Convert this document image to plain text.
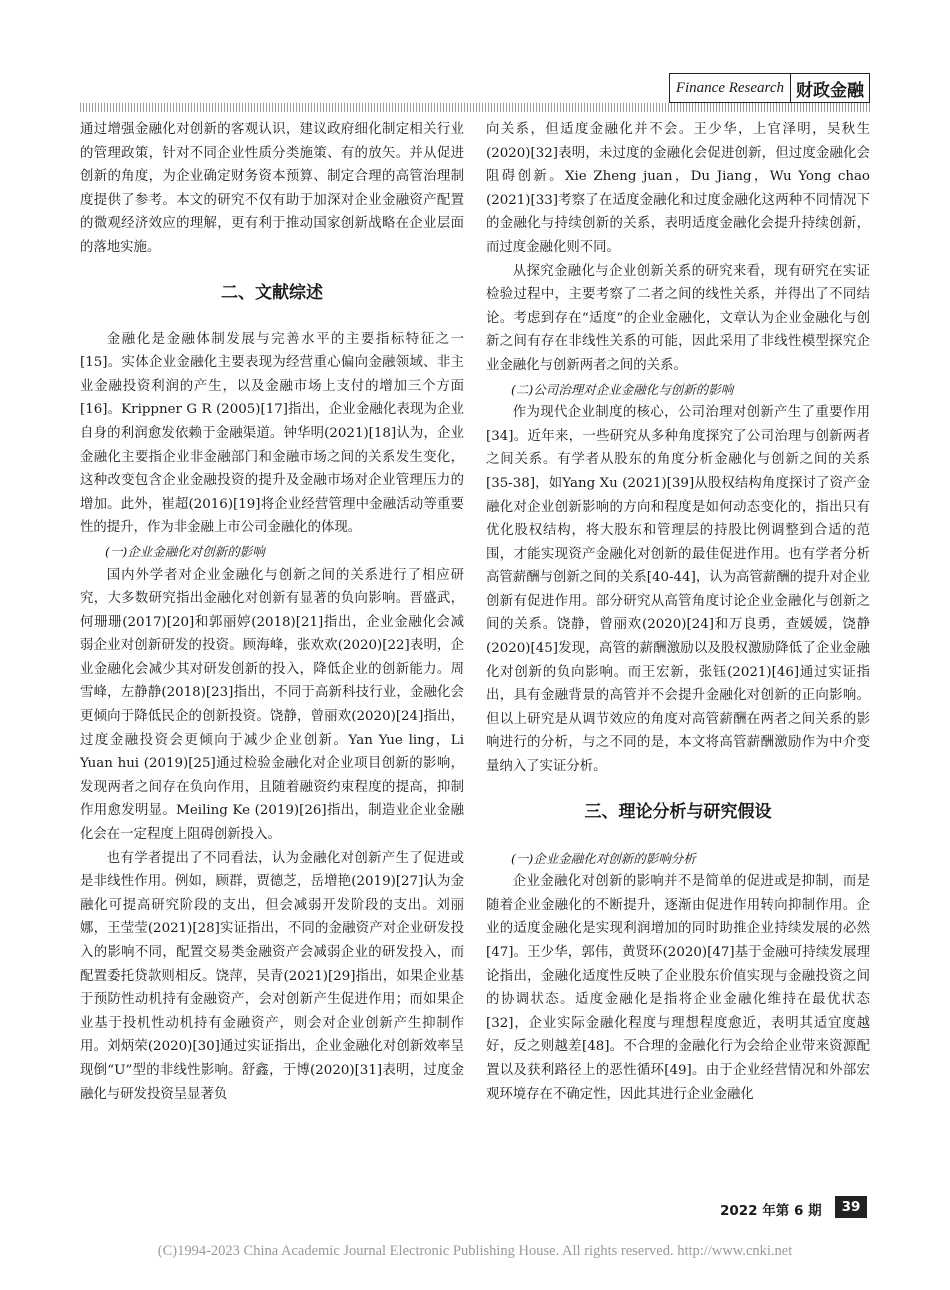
Finance Research 财政金融

通过增强金融化对创新的客观认识，建议政府细化制定相关行业的管理政策，针对不同企业性质分类施策、有的放矢。并从促进创新的角度，为企业确定财务资本预算、制定合理的高管治理制度提供了参考。本文的研究不仅有助于加深对企业金融资产配置的微观经济效应的理解，更有利于推动国家创新战略在企业层面的落地实施。

二、文献综述

金融化是金融体制发展与完善水平的主要指标特征之一[15]。实体企业金融化主要表现为经营重心偏向金融领域、非主业金融投资利润的产生，以及金融市场上支付的增加三个方面[16]。Krippner G R (2005)[17]指出，企业金融化表现为企业自身的利润愈发依赖于金融渠道。钟华明(2021)[18]认为，企业金融化主要指企业非金融部门和金融市场之间的关系发生变化，这种改变包含企业金融投资的提升及金融市场对企业管理压力的增加。此外，崔超(2016)[19]将企业经营管理中金融活动等重要性的提升，作为非金融上市公司金融化的体现。

(一)企业金融化对创新的影响

国内外学者对企业金融化与创新之间的关系进行了相应研究，大多数研究指出金融化对创新有显著的负向影响。晋盛武，何珊珊(2017)[20]和郭丽婷(2018)[21]指出，企业金融化会减弱企业对创新研发的投资。顾海峰，张欢欢(2020)[22]表明，企业金融化会减少其对研发创新的投入，降低企业的创新能力。周雪峰，左静静(2018)[23]指出，不同于高新科技行业，金融化会更倾向于降低民企的创新投资。饶静，曾丽欢(2020)[24]指出，过度金融投资会更倾向于减少企业创新。Yan Yue ling，Li Yuan hui (2019)[25]通过检验金融化对企业项目创新的影响，发现两者之间存在负向作用，且随着融资约束程度的提高，抑制作用愈发明显。Meiling Ke (2019)[26]指出，制造业企业金融化会在一定程度上阻碍创新投入。

也有学者提出了不同看法，认为金融化对创新产生了促进或是非线性作用。例如，顾群，贾德芝，岳增艳(2019)[27]认为金融化可提高研究阶段的支出，但会减弱开发阶段的支出。刘丽娜，王莹莹(2021)[28]实证指出，不同的金融资产对企业研发投入的影响不同，配置交易类金融资产会减弱企业的研发投入，而配置委托贷款则相反。饶萍，吴青(2021)[29]指出，如果企业基于预防性动机持有金融资产，会对创新产生促进作用；而如果企业基于投机性动机持有金融资产，则会对企业创新产生抑制作用。刘炳荣(2020)[30]通过实证指出，企业金融化对创新效率呈现倒“U”型的非线性影响。舒鑫，于博(2020)[31]表明，过度金融化与研发投资呈显著负

向关系，但适度金融化并不会。王少华，上官泽明，吴秋生(2020)[32]表明，未过度的金融化会促进创新，但过度金融化会阻碍创新。Xie Zheng juan，Du Jiang，Wu Yong chao (2021)[33]考察了在适度金融化和过度金融化这两种不同情况下的金融化与持续创新的关系，表明适度金融化会提升持续创新，而过度金融化则不同。

从探究金融化与企业创新关系的研究来看，现有研究在实证检验过程中，主要考察了二者之间的线性关系，并得出了不同结论。考虑到存在“适度”的企业金融化，文章认为企业金融化与创新之间有存在非线性关系的可能，因此采用了非线性模型探究企业金融化与创新两者之间的关系。

(二)公司治理对企业金融化与创新的影响

作为现代企业制度的核心，公司治理对创新产生了重要作用[34]。近年来，一些研究从多种角度探究了公司治理与创新两者之间关系。有学者从股东的角度分析金融化与创新之间的关系[35-38]，如Yang Xu (2021)[39]从股权结构角度探讨了资产金融化对企业创新影响的方向和程度是如何动态变化的，指出只有优化股权结构，将大股东和管理层的持股比例调整到合适的范围，才能实现资产金融化对创新的最佳促进作用。也有学者分析高管薪酬与创新之间的关系[40-44]，认为高管薪酬的提升对企业创新有促进作用。部分研究从高管角度讨论企业金融化与创新之间的关系。饶静，曾丽欢(2020)[24]和万良勇，查媛媛，饶静(2020)[45]发现，高管的薪酬激励以及股权激励降低了企业金融化对创新的负向影响。而王宏新，张钰(2021)[46]通过实证指出，具有金融背景的高管并不会提升金融化对创新的正向影响。但以上研究是从调节效应的角度对高管薪酬在两者之间关系的影响进行的分析，与之不同的是，本文将高管薪酬激励作为中介变量纳入了实证分析。

三、理论分析与研究假设
(一)企业金融化对创新的影响分析

企业金融化对创新的影响并不是简单的促进或是抑制，而是随着企业金融化的不断提升，逐渐由促进作用转向抑制作用。企业的适度金融化是实现利润增加的同时助推企业持续发展的必然[47]。王少华，郭伟，黄贤环(2020)[47]基于金融可持续发展理论指出，金融化适度性反映了企业股东价值实现与金融投资之间的协调状态。适度金融化是指将企业金融化维持在最优状态[32]，企业实际金融化程度与理想程度愈近，表明其适宜度越好，反之则越差[48]。不合理的金融化行为会给企业带来资源配置以及获利路径上的恶性循环[49]。由于企业经营情况和外部宏观环境存在不确定性，因此其进行企业金融化

2022 年第 6 期	39
(C)1994-2023 China Academic Journal Electronic Publishing House. All rights reserved. http://www.cnki.net
